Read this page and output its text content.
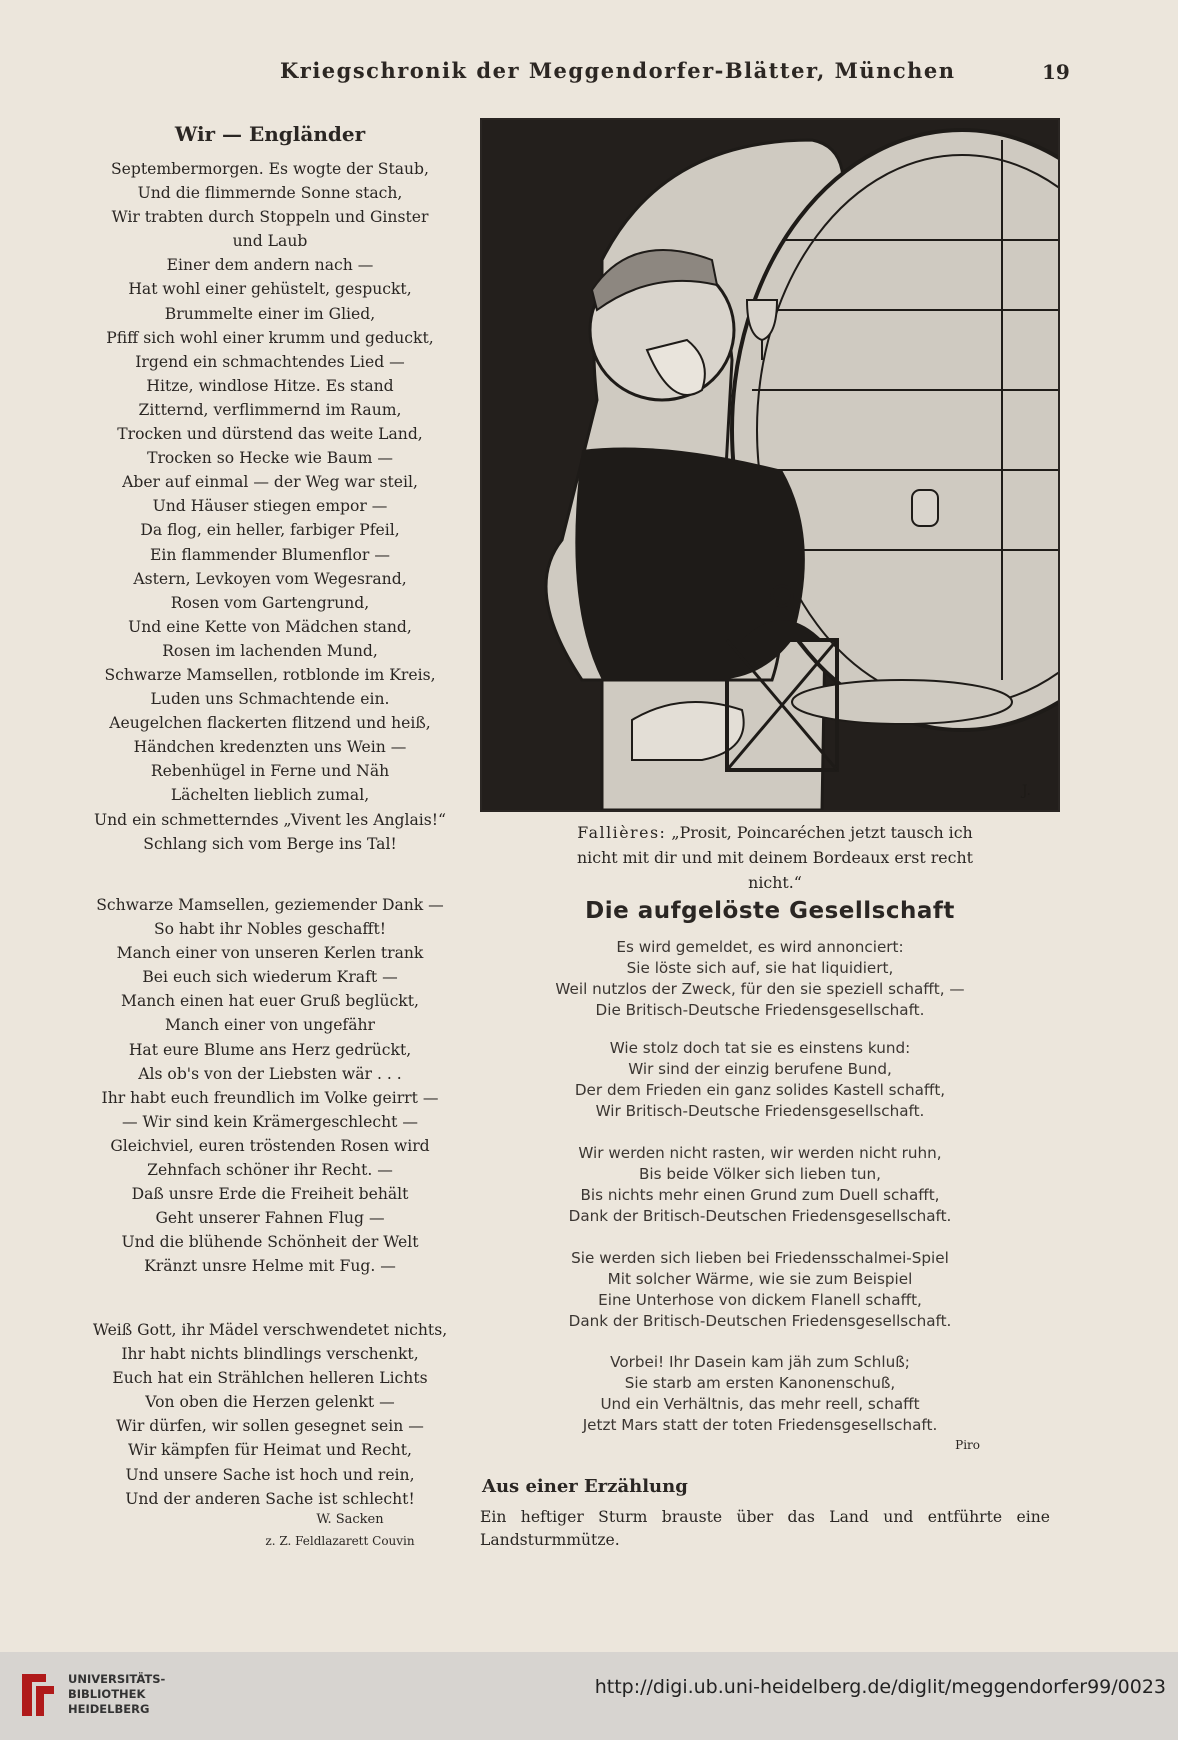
Kriegschronik der Meggendorfer-Blätter, München	19
Wir — Engländer
Septembermorgen. Es wogte der Staub,
Und die flimmernde Sonne stach,
Wir trabten durch Stoppeln und Ginster
und Laub
Einer dem andern nach —
Hat wohl einer gehüstelt, gespuckt,
Brummelte einer im Glied,
Pfiff sich wohl einer krumm und geduckt,
Irgend ein schmachtendes Lied —
Hitze, windlose Hitze. Es stand
Zitternd, verflimmernd im Raum,
Trocken und dürstend das weite Land,
Trocken so Hecke wie Baum —
Aber auf einmal — der Weg war steil,
Und Häuser stiegen empor —
Da flog, ein heller, farbiger Pfeil,
Ein flammender Blumenflor —
Astern, Levkoyen vom Wegesrand,
Rosen vom Gartengrund,
Und eine Kette von Mädchen stand,
Rosen im lachenden Mund,
Schwarze Mamsellen, rotblonde im Kreis,
Luden uns Schmachtende ein.
Aeugelchen flackerten flitzend und heiß,
Händchen kredenzten uns Wein —
Rebenhügel in Ferne und Näh
Lächelten lieblich zumal,
Und ein schmetterndes „Vivent les Anglais!“
Schlang sich vom Berge ins Tal!
Schwarze Mamsellen, geziemender Dank —
So habt ihr Nobles geschafft!
Manch einer von unseren Kerlen trank
Bei euch sich wiederum Kraft —
Manch einen hat euer Gruß beglückt,
Manch einer von ungefähr
Hat eure Blume ans Herz gedrückt,
Als ob's von der Liebsten wär . . .
Ihr habt euch freundlich im Volke geirrt —
— Wir sind kein Krämergeschlecht —
Gleichviel, euren tröstenden Rosen wird
Zehnfach schöner ihr Recht. —
Daß unsre Erde die Freiheit behält
Geht unserer Fahnen Flug —
Und die blühende Schönheit der Welt
Kränzt unsre Helme mit Fug. —
Weiß Gott, ihr Mädel verschwendetet nichts,
Ihr habt nichts blindlings verschenkt,
Euch hat ein Strählchen helleren Lichts
Von oben die Herzen gelenkt —
Wir dürfen, wir sollen gesegnet sein —
Wir kämpfen für Heimat und Recht,
Und unsere Sache ist hoch und rein,
Und der anderen Sache ist schlecht!
W. Sacken
z. Z. Feldlazarett Couvin
J.
Fallières: „Prosit, Poincaréchen jetzt tausch ich nicht mit dir und mit deinem Bordeaux erst recht nicht.“
Die aufgelöste Gesellschaft
Es wird gemeldet, es wird annonciert:
Sie löste sich auf, sie hat liquidiert,
Weil nutzlos der Zweck, für den sie speziell schafft, —
Die Britisch-Deutsche Friedensgesellschaft.
Wie stolz doch tat sie es einstens kund:
Wir sind der einzig berufene Bund,
Der dem Frieden ein ganz solides Kastell schafft,
Wir Britisch-Deutsche Friedensgesellschaft.
Wir werden nicht rasten, wir werden nicht ruhn,
Bis beide Völker sich lieben tun,
Bis nichts mehr einen Grund zum Duell schafft,
Dank der Britisch-Deutschen Friedensgesellschaft.
Sie werden sich lieben bei Friedensschalmei-Spiel
Mit solcher Wärme, wie sie zum Beispiel
Eine Unterhose von dickem Flanell schafft,
Dank der Britisch-Deutschen Friedensgesellschaft.
Vorbei! Ihr Dasein kam jäh zum Schluß;
Sie starb am ersten Kanonenschuß,
Und ein Verhältnis, das mehr reell, schafft
Jetzt Mars statt der toten Friedensgesellschaft.
Piro
Aus einer Erzählung
Ein heftiger Sturm brauste über das Land und entführte eine Landsturmmütze.
UNIVERSITÄTS-
BIBLIOTHEK
HEIDELBERG
http://digi.ub.uni-heidelberg.de/diglit/meggendorfer99/0023
